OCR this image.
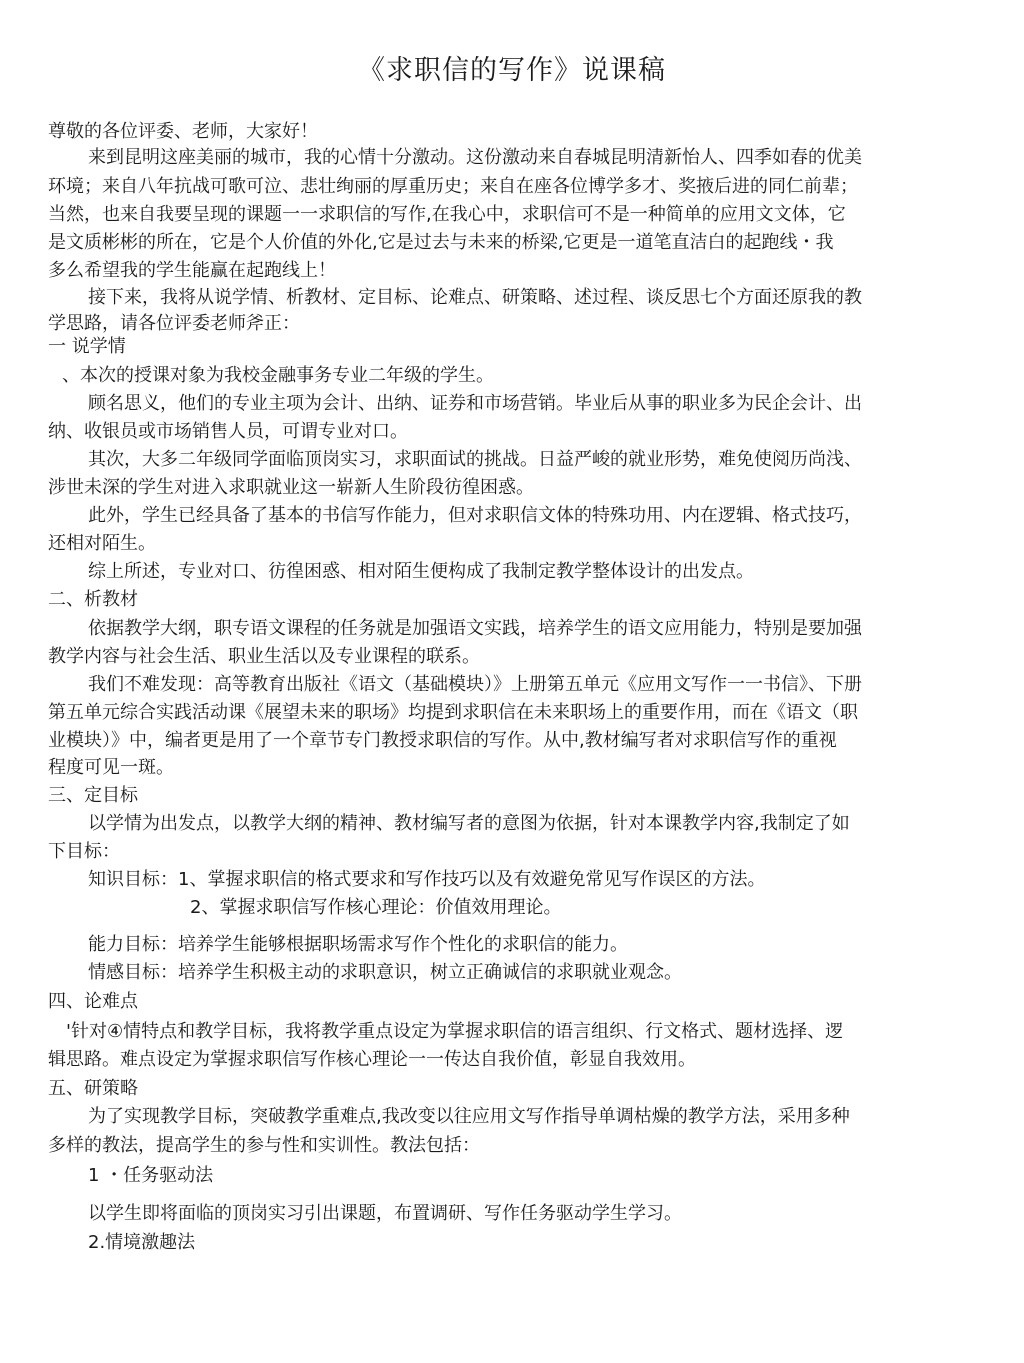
《求职信的写作》说课稿
尊敬的各位评委、老师，大家好！
来到昆明这座美丽的城市，我的心情十分激动。这份激动来自春城昆明清新怡人、四季如春的优美
环境；来自八年抗战可歌可泣、悲壮绚丽的厚重历史；来自在座各位博学多才、奖掖后进的同仁前辈；
当然，也来自我要呈现的课题一一求职信的写作,在我心中，求职信可不是一种简单的应用文文体，它
是文质彬彬的所在，它是个人价值的外化,它是过去与未来的桥梁,它更是一道笔直洁白的起跑线・我
多么希望我的学生能赢在起跑线上！
接下来，我将从说学情、析教材、定目标、论难点、研策略、述过程、谈反思七个方面还原我的教
学思路，请各位评委老师斧正：
一 说学情
、本次的授课对象为我校金融事务专业二年级的学生。
顾名思义，他们的专业主项为会计、出纳、证券和市场营销。毕业后从事的职业多为民企会计、出
纳、收银员或市场销售人员，可谓专业对口。
其次，大多二年级同学面临顶岗实习，求职面试的挑战。日益严峻的就业形势，难免使阅历尚浅、
涉世未深的学生对进入求职就业这一崭新人生阶段彷徨困惑。
此外，学生已经具备了基本的书信写作能力，但对求职信文体的特殊功用、内在逻辑、格式技巧，
还相对陌生。
综上所述，专业对口、彷徨困惑、相对陌生便构成了我制定教学整体设计的出发点。
二、析教材
依据教学大纲，职专语文课程的任务就是加强语文实践，培养学生的语文应用能力，特别是要加强
教学内容与社会生活、职业生活以及专业课程的联系。
我们不难发现：高等教育出版社《语文（基础模块）》上册第五单元《应用文写作一一书信》、下册
第五单元综合实践活动课《展望未来的职场》均提到求职信在未来职场上的重要作用，而在《语文（职
业模块）》中，编者更是用了一个章节专门教授求职信的写作。从中,教材编写者对求职信写作的重视
程度可见一斑。
三、定目标
以学情为出发点，以教学大纲的精神、教材编写者的意图为依据，针对本课教学内容,我制定了如
下目标：
知识目标：1、掌握求职信的格式要求和写作技巧以及有效避免常见写作误区的方法。
2、掌握求职信写作核心理论：价值效用理论。
能力目标：培养学生能够根据职场需求写作个性化的求职信的能力。
情感目标：培养学生积极主动的求职意识，树立正确诚信的求职就业观念。
四、论难点
'针对④情特点和教学目标，我将教学重点设定为掌握求职信的语言组织、行文格式、题材选择、逻
辑思路。难点设定为掌握求职信写作核心理论一一传达自我价值，彰显自我效用。
五、研策略
为了实现教学目标，突破教学重难点,我改变以往应用文写作指导单调枯燥的教学方法，采用多种
多样的教法，提高学生的参与性和实训性。教法包括：
1 ・任务驱动法
以学生即将面临的顶岗实习引出课题，布置调研、写作任务驱动学生学习。
2.情境激趣法
